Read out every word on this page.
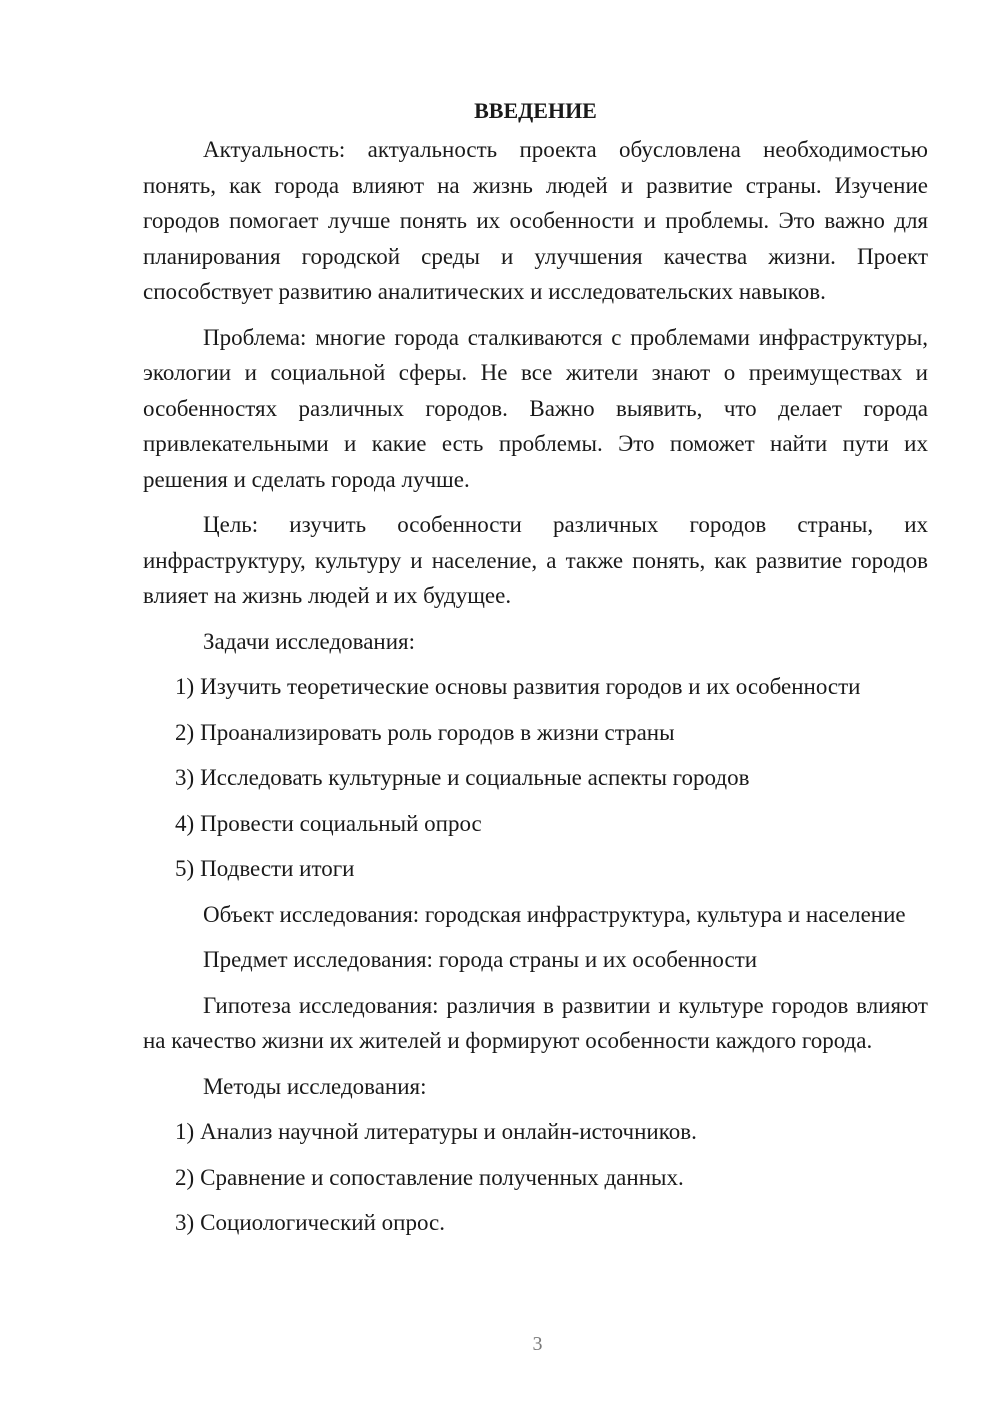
ВВЕДЕНИЕ

Актуальность: актуальность проекта обусловлена необходимостью понять, как города влияют на жизнь людей и развитие страны. Изучение городов помогает лучше понять их особенности и проблемы. Это важно для планирования городской среды и улучшения качества жизни. Проект способствует развитию аналитических и исследовательских навыков.

Проблема: многие города сталкиваются с проблемами инфраструктуры, экологии и социальной сферы. Не все жители знают о преимуществах и особенностях различных городов. Важно выявить, что делает города привлекательными и какие есть проблемы. Это поможет найти пути их решения и сделать города лучше.

Цель: изучить особенности различных городов страны, их инфраструктуру, культуру и население, а также понять, как развитие городов влияет на жизнь людей и их будущее.

Задачи исследования:

1) Изучить теоретические основы развития городов и их особенности
2) Проанализировать роль городов в жизни страны
3) Исследовать культурные и социальные аспекты городов
4) Провести социальный опрос
5) Подвести итоги

Объект исследования: городская инфраструктура, культура и население

Предмет исследования: города страны и их особенности

Гипотеза исследования: различия в развитии и культуре городов влияют на качество жизни их жителей и формируют особенности каждого города.

Методы исследования:

1) Анализ научной литературы и онлайн-источников.
2) Сравнение и сопоставление полученных данных.
3) Социологический опрос.
3
